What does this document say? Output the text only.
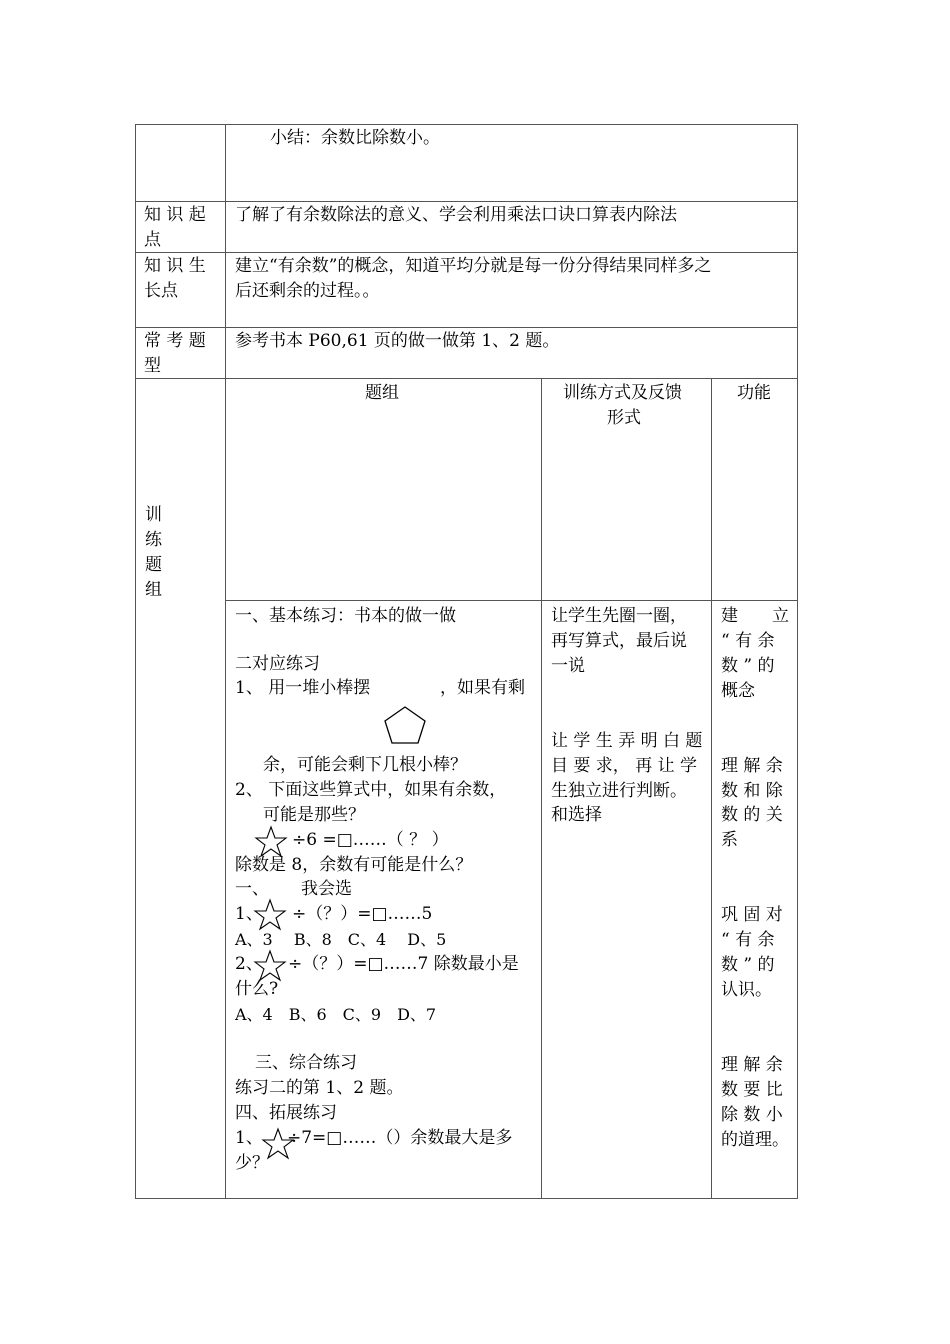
小结：余数比除数小。
知 识 起
点
了解了有余数除法的意义、学会利用乘法口诀口算表内除法
知 识 生
长点
建立“有余数”的概念，知道平均分就是每一份分得结果同样多之
后还剩余的过程。。
常 考 题
型
参考书本 P60,61 页的做一做第 1、2 题。
训
练
题
组
题组	训练方式及反馈
形式
功能
一、基本练习：书本的做一做
二对应练习
1、 用一堆小棒摆	，如果有剩
余，可能会剩下几根小棒？
2、 下面这些算式中，如果有余数，
可能是那些？
÷6 =□……（ ？ ）
除数是 8，余数有可能是什么？
一、 我会选
1、 ÷（？）=□……5
A、3　 B、8　C、4　 D、5
2、 ÷（？）=□……7 除数最小是
什么?
A、4　B、6　C、9　D、7
三、综合练习
练习二的第 1、2 题。
四、拓展练习
1、 ÷7=□……（）余数最大是多
少？
让学生先圈一圈，
再写算式，最后说
一说
让 学 生 弄 明 白 题
目 要 求， 再 让 学
生独立进行判断。
和选择
建　　立
“ 有 余
数 ” 的
概念
理 解 余
数 和 除
数 的 关
系
巩 固 对
“ 有 余
数 ” 的
认识。
理 解 余
数 要 比
除 数 小
的道理。
